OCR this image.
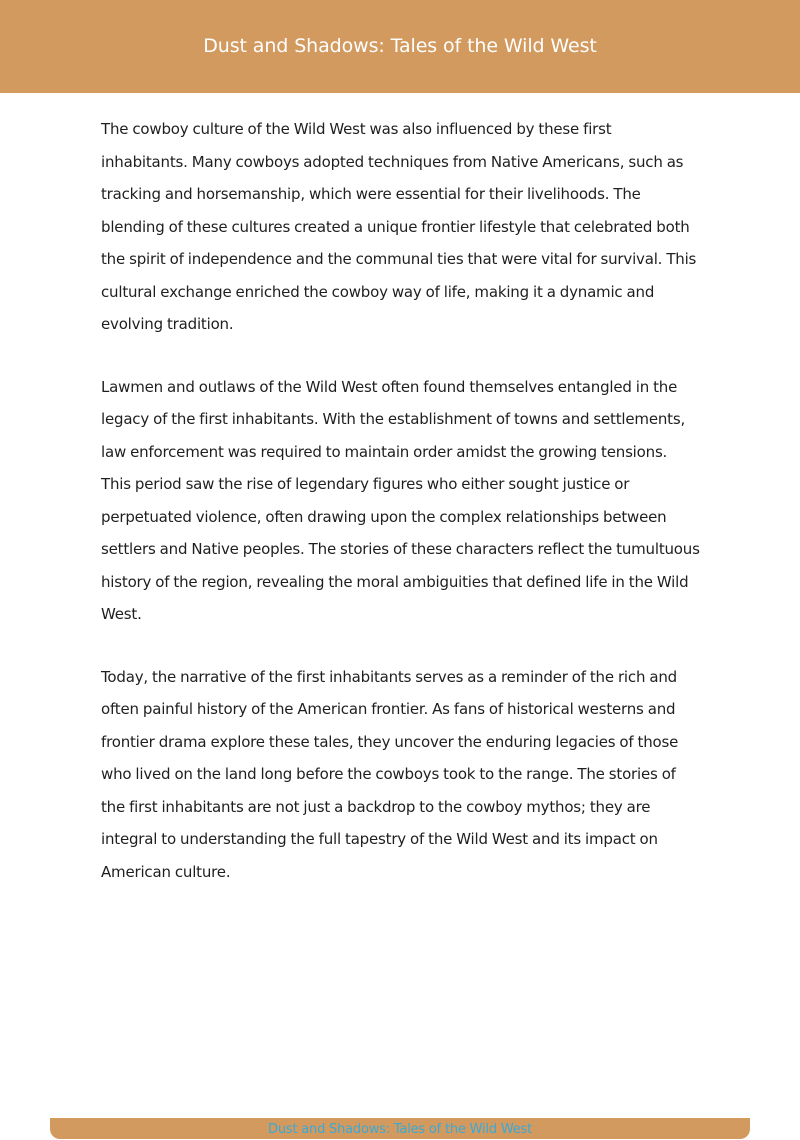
Dust and Shadows: Tales of the Wild West

The cowboy culture of the Wild West was also influenced by these first inhabitants. Many cowboys adopted techniques from Native Americans, such as tracking and horsemanship, which were essential for their livelihoods. The blending of these cultures created a unique frontier lifestyle that celebrated both the spirit of independence and the communal ties that were vital for survival. This cultural exchange enriched the cowboy way of life, making it a dynamic and evolving tradition.

Lawmen and outlaws of the Wild West often found themselves entangled in the legacy of the first inhabitants. With the establishment of towns and settlements, law enforcement was required to maintain order amidst the growing tensions. This period saw the rise of legendary figures who either sought justice or perpetuated violence, often drawing upon the complex relationships between settlers and Native peoples. The stories of these characters reflect the tumultuous history of the region, revealing the moral ambiguities that defined life in the Wild West.

Today, the narrative of the first inhabitants serves as a reminder of the rich and often painful history of the American frontier. As fans of historical westerns and frontier drama explore these tales, they uncover the enduring legacies of those who lived on the land long before the cowboys took to the range. The stories of the first inhabitants are not just a backdrop to the cowboy mythos; they are integral to understanding the full tapestry of the Wild West and its impact on American culture.

Dust and Shadows: Tales of the Wild West
